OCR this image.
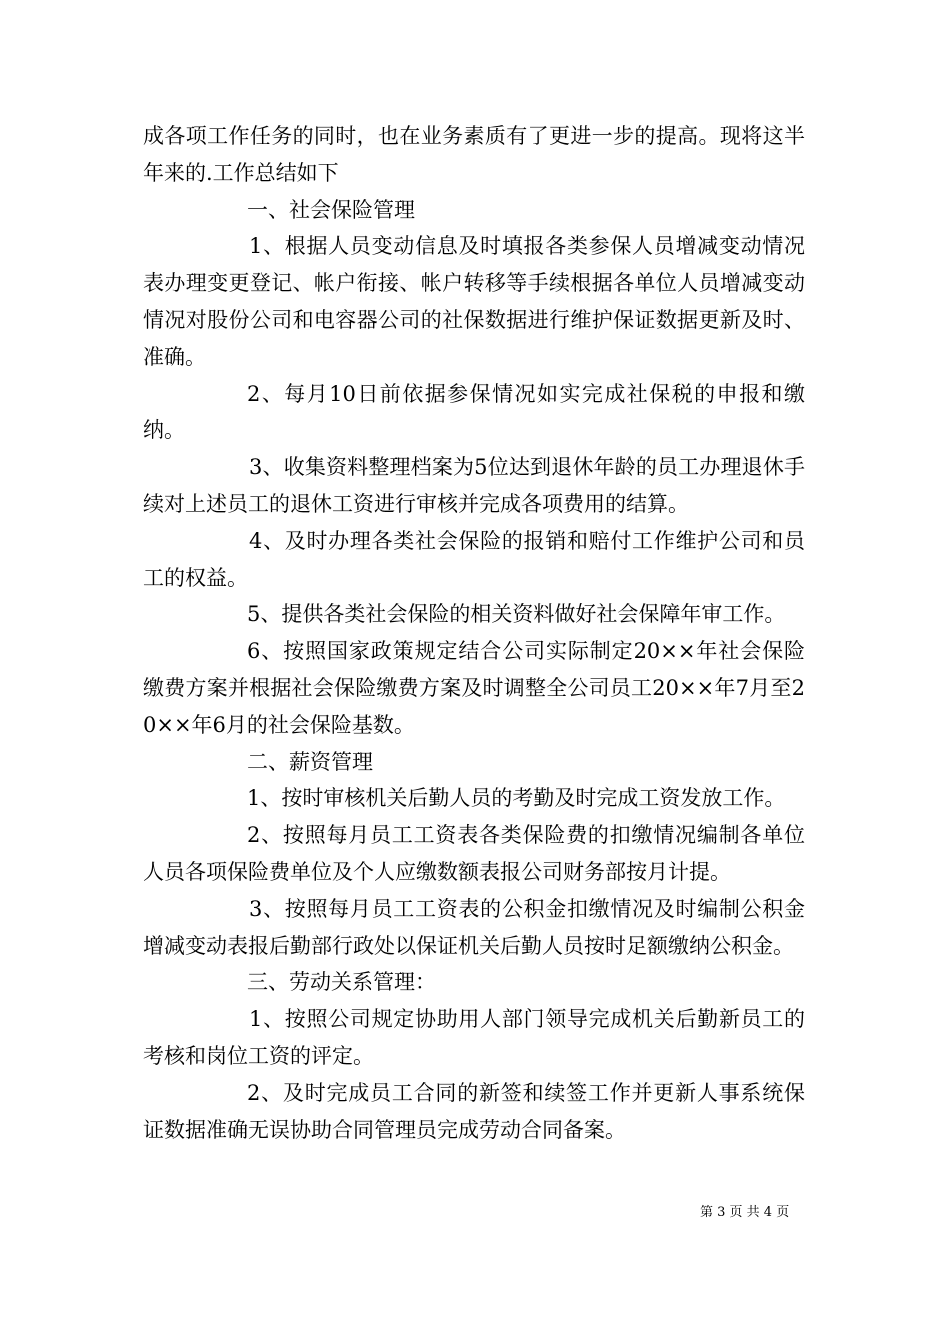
成各项工作任务的同时，也在业务素质有了更进一步的提高。现将这半年来的.工作总结如下

一、社会保险管理

1、根据人员变动信息及时填报各类参保人员增减变动情况表办理变更登记、帐户衔接、帐户转移等手续根据各单位人员增减变动情况对股份公司和电容器公司的社保数据进行维护保证数据更新及时、准确。

2、每月10日前依据参保情况如实完成社保税的申报和缴纳。

3、收集资料整理档案为5位达到退休年龄的员工办理退休手续对上述员工的退休工资进行审核并完成各项费用的结算。

4、及时办理各类社会保险的报销和赔付工作维护公司和员工的权益。

5、提供各类社会保险的相关资料做好社会保障年审工作。

6、按照国家政策规定结合公司实际制定20××年社会保险缴费方案并根据社会保险缴费方案及时调整全公司员工20××年7月至20××年6月的社会保险基数。

二、薪资管理

1、按时审核机关后勤人员的考勤及时完成工资发放工作。

2、按照每月员工工资表各类保险费的扣缴情况编制各单位人员各项保险费单位及个人应缴数额表报公司财务部按月计提。

3、按照每月员工工资表的公积金扣缴情况及时编制公积金增减变动表报后勤部行政处以保证机关后勤人员按时足额缴纳公积金。

三、劳动关系管理：

1、按照公司规定协助用人部门领导完成机关后勤新员工的考核和岗位工资的评定。

2、及时完成员工合同的新签和续签工作并更新人事系统保证数据准确无误协助合同管理员完成劳动合同备案。

第 3 页 共 4 页
